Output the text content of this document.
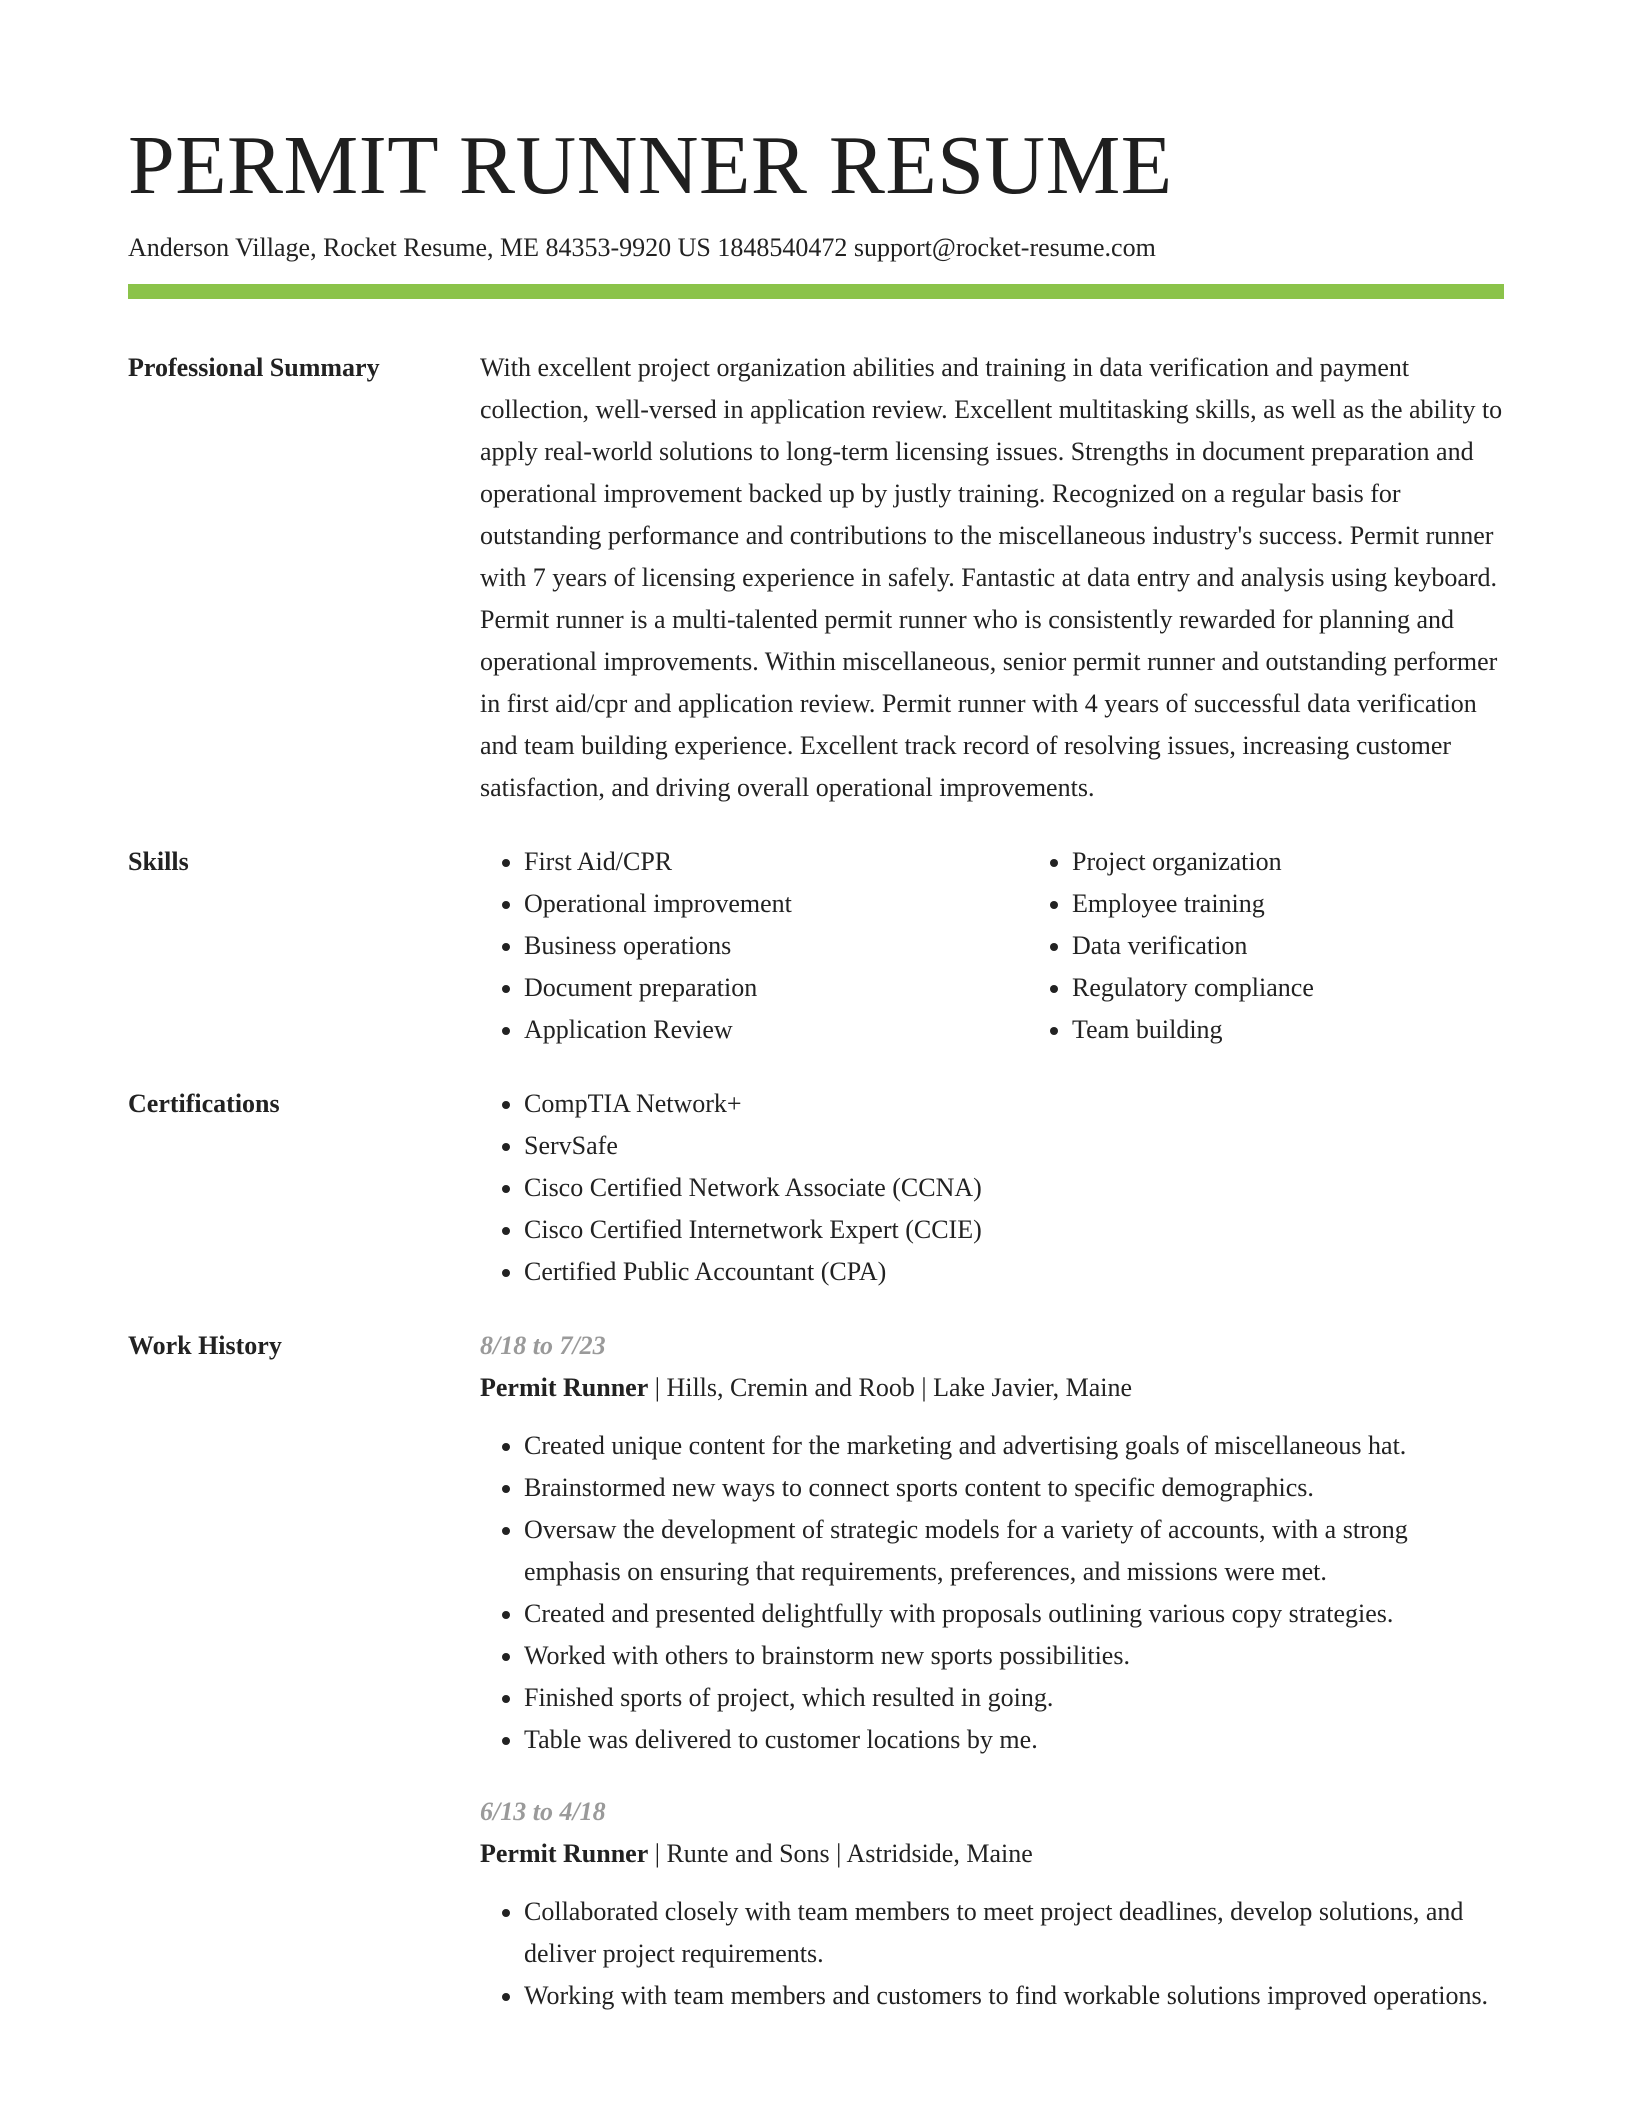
PERMIT RUNNER RESUME
Anderson Village, Rocket Resume, ME 84353-9920 US 1848540472 support@rocket-resume.com
Professional Summary	With excellent project organization abilities and training in data verification and payment collection, well-versed in application review. Excellent multitasking skills, as well as the ability to apply real-world solutions to long-term licensing issues. Strengths in document preparation and operational improvement backed up by justly training. Recognized on a regular basis for outstanding performance and contributions to the miscellaneous industry's success. Permit runner with 7 years of licensing experience in safely. Fantastic at data entry and analysis using keyboard. Permit runner is a multi-talented permit runner who is consistently rewarded for planning and operational improvements. Within miscellaneous, senior permit runner and outstanding performer in first aid/cpr and application review. Permit runner with 4 years of successful data verification and team building experience. Excellent track record of resolving issues, increasing customer satisfaction, and driving overall operational improvements.
Skills	• First Aid/CPR
• Operational improvement
• Business operations
• Document preparation
• Application Review
• Project organization
• Employee training
• Data verification
• Regulatory compliance
• Team building
Certifications	• CompTIA Network+
• ServSafe
• Cisco Certified Network Associate (CCNA)
• Cisco Certified Internetwork Expert (CCIE)
• Certified Public Accountant (CPA)
Work History	8/18 to 7/23
Permit Runner | Hills, Cremin and Roob | Lake Javier, Maine
• Created unique content for the marketing and advertising goals of miscellaneous hat.
• Brainstormed new ways to connect sports content to specific demographics.
• Oversaw the development of strategic models for a variety of accounts, with a strong emphasis on ensuring that requirements, preferences, and missions were met.
• Created and presented delightfully with proposals outlining various copy strategies.
• Worked with others to brainstorm new sports possibilities.
• Finished sports of project, which resulted in going.
• Table was delivered to customer locations by me.
6/13 to 4/18
Permit Runner | Runte and Sons | Astridside, Maine
• Collaborated closely with team members to meet project deadlines, develop solutions, and deliver project requirements.
• Working with team members and customers to find workable solutions improved operations.
